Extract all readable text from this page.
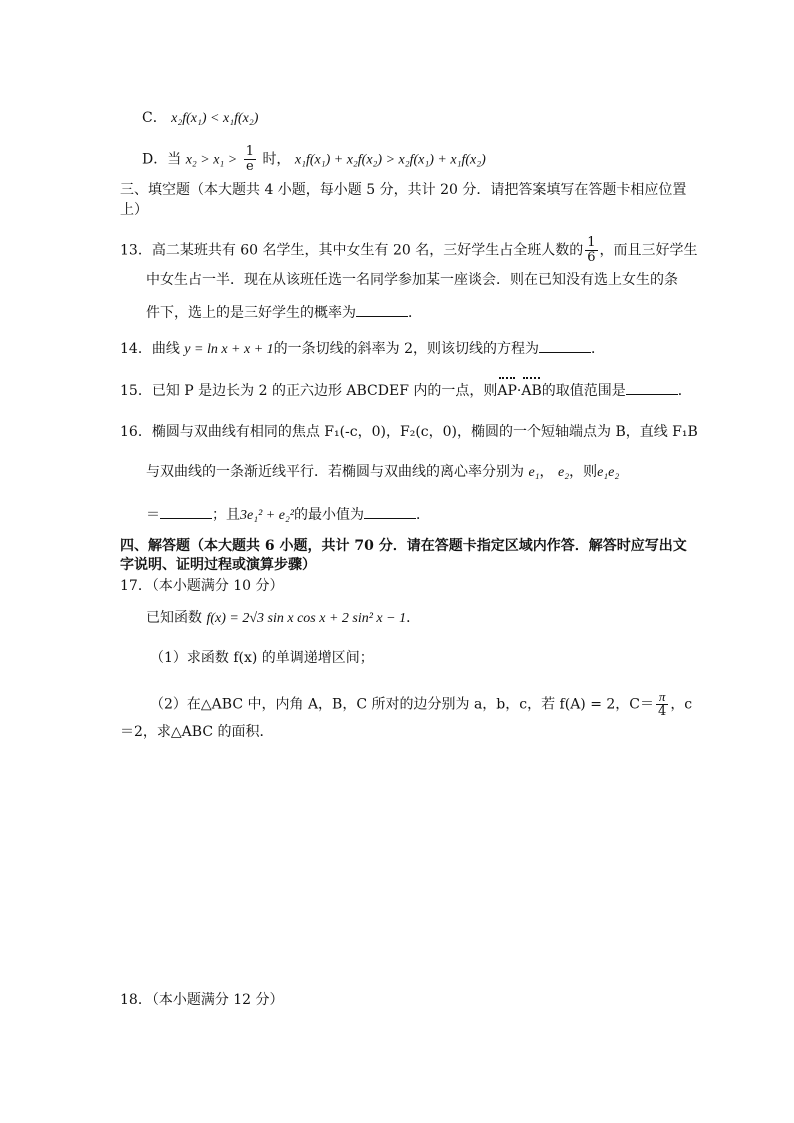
C． x₂f(x₁) < x₁f(x₂)
D．当 $x_2 > x_1 > \frac{1}{e}$ 时， x₁f(x₁) + x₂f(x₂) > x₂f(x₁) + x₁f(x₂)
三、填空题（本大题共 4 小题，每小题 5 分，共计 20 分．请把答案填写在答题卡相应位置
上）
13．高二某班共有 60 名学生，其中女生有 20 名，三好学生占全班人数的 $\frac{1}{6}$ ，而且三好学生
中女生占一半．现在从该班任选一名同学参加某一座谈会．则在已知没有选上女生的条
件下，选上的是三好学生的概率为	．
14．曲线 y = ln x + x + 1的一条切线的斜率为 2，则该切线的方程为	．
15．已知 P 是边长为 2 的正六边形 ABCDEF 内的一点，则AP·AB的取值范围是	．
16．椭圆与双曲线有相同的焦点 F₁(-c，0)，F₂(c，0)，椭圆的一个短轴端点为 B，直线 F₁B
与双曲线的一条渐近线平行．若椭圆与双曲线的离心率分别为 e₁， e₂，则e₁e₂
＝	；且3e₁² + e₂²的最小值为	．
四、解答题（本大题共 6 小题，共计 70 分．请在答题卡指定区域内作答．解答时应写出文
字说明、证明过程或演算步骤）
17．（本小题满分 10 分）
已知函数 f(x) = 2√3 sin x cos x + 2 sin² x − 1．
（1）求函数 f(x) 的单调递增区间；
（2）在△ABC 中，内角 A，B，C 所对的边分别为 a，b，c，若 f(A) = 2，$C= \frac{\pi}{4}$ ，c
＝2，求△ABC 的面积．
18．（本小题满分 12 分）
